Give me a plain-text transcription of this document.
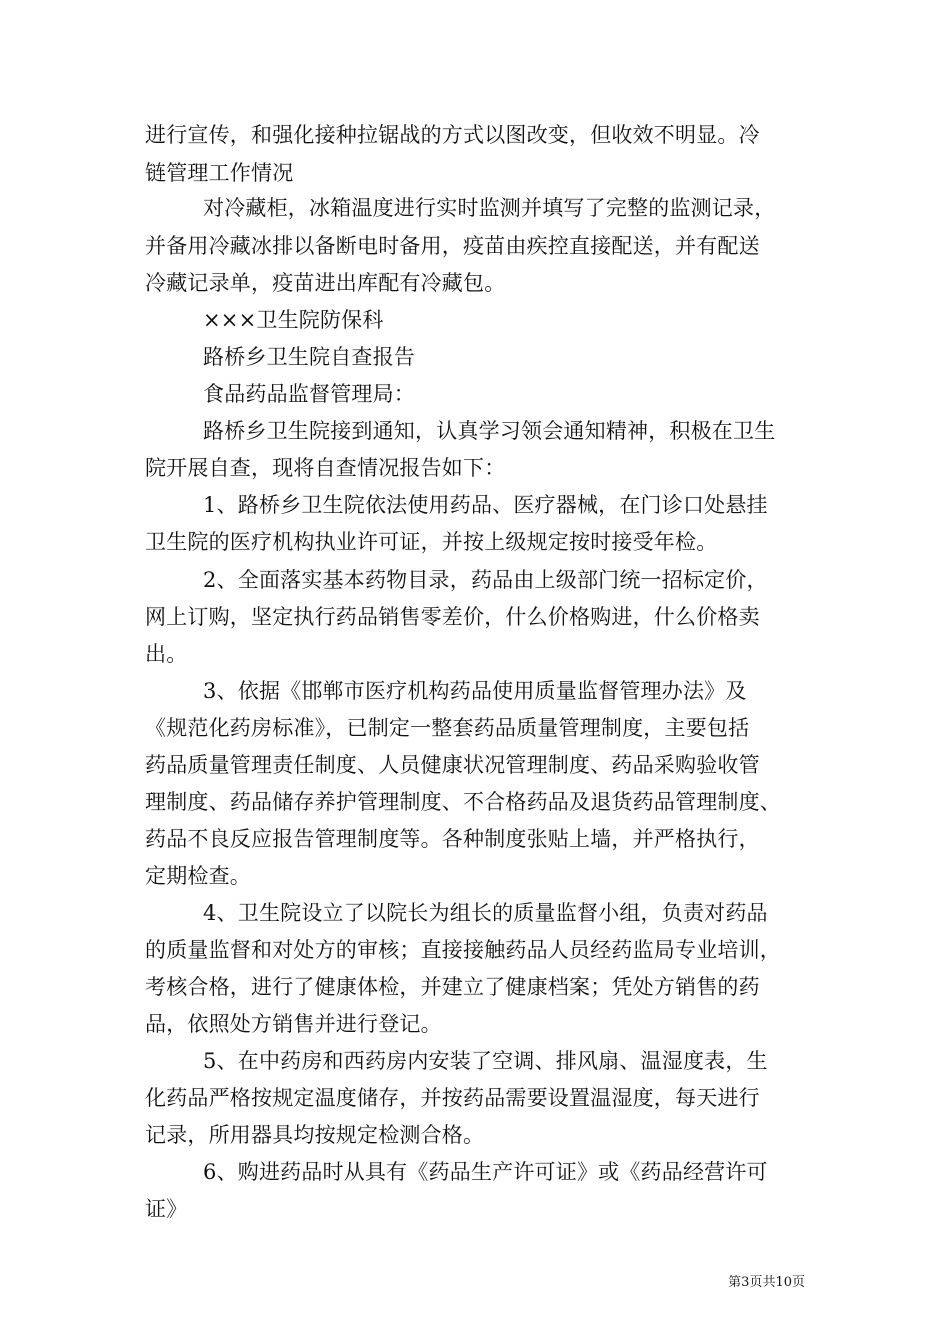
进行宣传，和强化接种拉锯战的方式以图改变，但收效不明显。冷
链管理工作情况
对冷藏柜，冰箱温度进行实时监测并填写了完整的监测记录，
并备用冷藏冰排以备断电时备用，疫苗由疾控直接配送，并有配送
冷藏记录单，疫苗进出库配有冷藏包。
×××卫生院防保科
路桥乡卫生院自查报告
食品药品监督管理局：
路桥乡卫生院接到通知，认真学习领会通知精神，积极在卫生
院开展自查，现将自查情况报告如下：
1、路桥乡卫生院依法使用药品、医疗器械，在门诊口处悬挂
卫生院的医疗机构执业许可证，并按上级规定按时接受年检。
2、全面落实基本药物目录，药品由上级部门统一招标定价，
网上订购，坚定执行药品销售零差价，什么价格购进，什么价格卖
出。
3、依据《邯郸市医疗机构药品使用质量监督管理办法》及
《规范化药房标准》，已制定一整套药品质量管理制度，主要包括
药品质量管理责任制度、人员健康状况管理制度、药品采购验收管
理制度、药品储存养护管理制度、不合格药品及退货药品管理制度、
药品不良反应报告管理制度等。各种制度张贴上墙，并严格执行，
定期检查。
4、卫生院设立了以院长为组长的质量监督小组，负责对药品
的质量监督和对处方的审核；直接接触药品人员经药监局专业培训，
考核合格，进行了健康体检，并建立了健康档案；凭处方销售的药
品，依照处方销售并进行登记。
5、在中药房和西药房内安装了空调、排风扇、温湿度表，生
化药品严格按规定温度储存，并按药品需要设置温湿度，每天进行
记录，所用器具均按规定检测合格。
6、购进药品时从具有《药品生产许可证》或《药品经营许可
证》
第3页共10页
